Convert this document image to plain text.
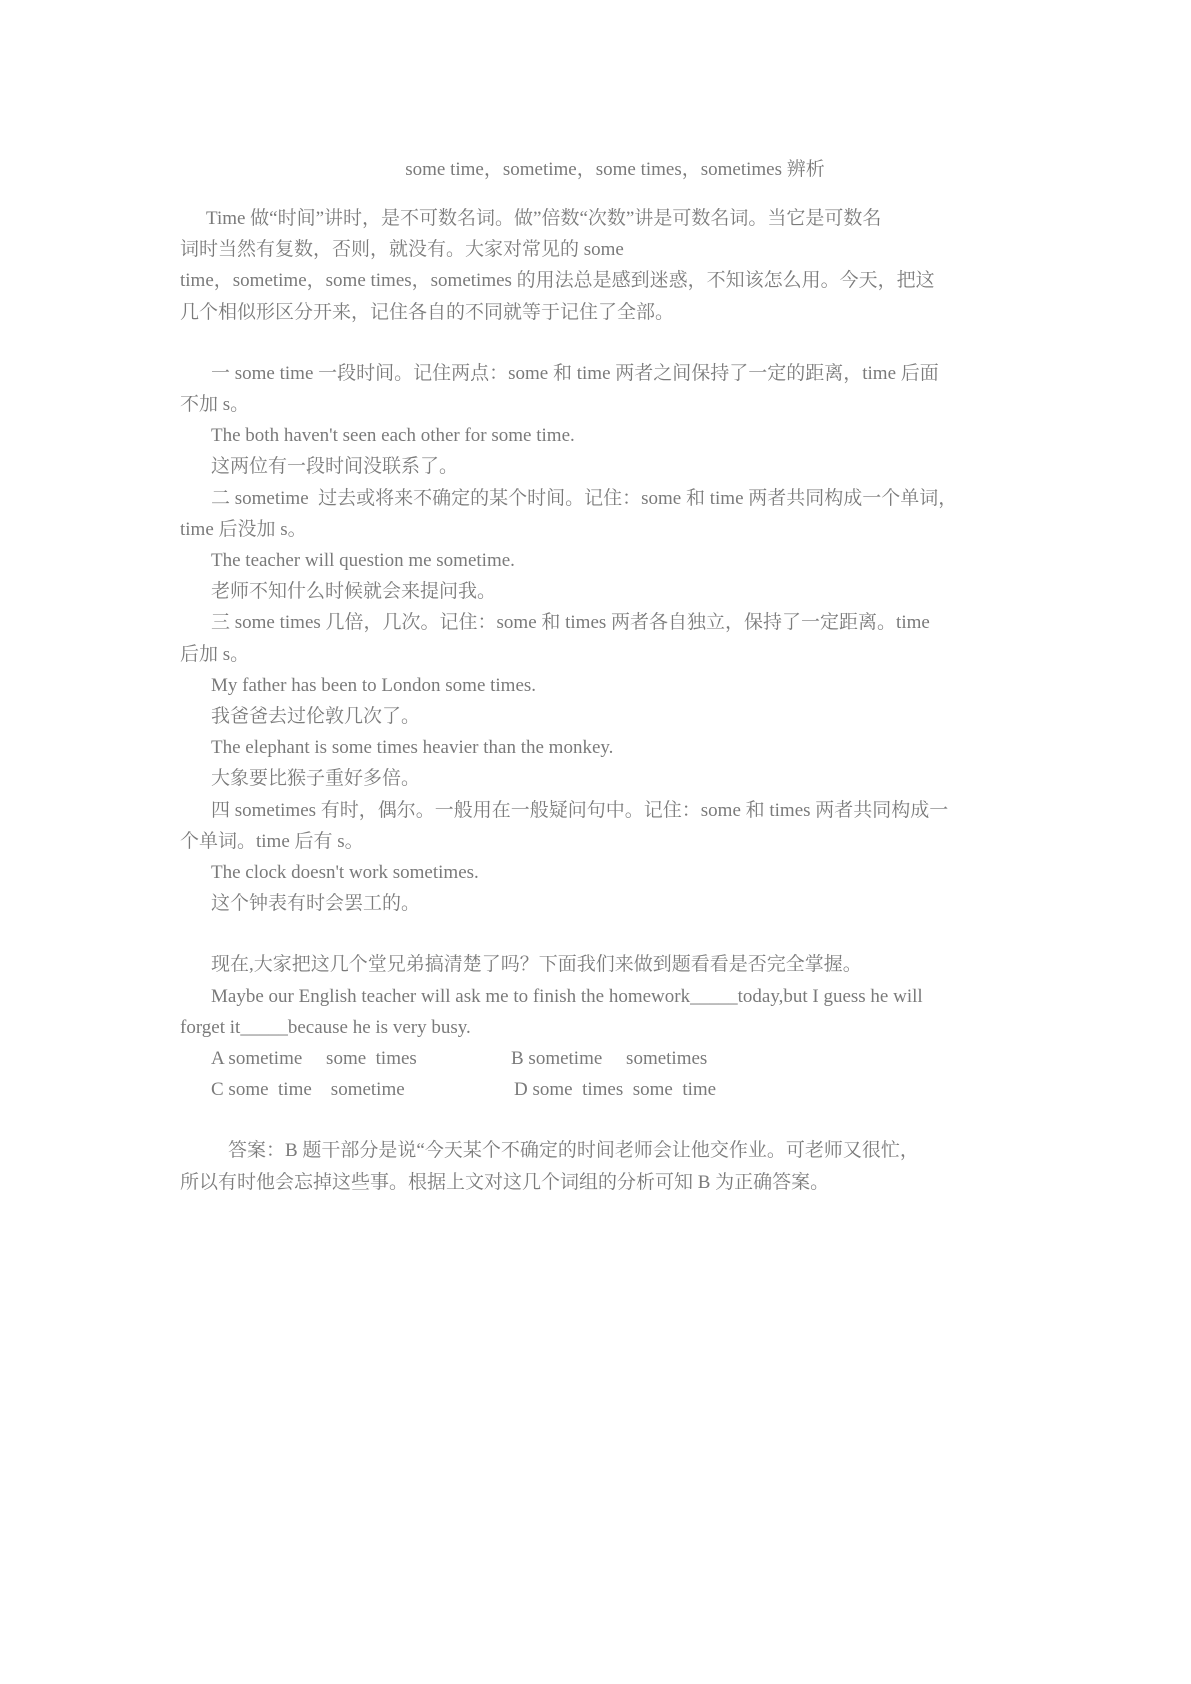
some time，sometime，some times，sometimes 辨析

Time 做“时间”讲时，是不可数名词。做”倍数“次数”讲是可数名词。当它是可数名

词时当然有复数，否则，就没有。大家对常见的 some

time，sometime，some times，sometimes 的用法总是感到迷惑，不知该怎么用。今天，把这

几个相似形区分开来，记住各自的不同就等于记住了全部。

一 some time 一段时间。记住两点：some 和 time 两者之间保持了一定的距离，time 后面

不加 s。

The both haven't seen each other for some time.

这两位有一段时间没联系了。

二 sometime  过去或将来不确定的某个时间。记住：some 和 time 两者共同构成一个单词，

time 后没加 s。

The teacher will question me sometime.

老师不知什么时候就会来提问我。

三 some times 几倍，几次。记住：some 和 times 两者各自独立，保持了一定距离。time

后加 s。

My father has been to London some times.

我爸爸去过伦敦几次了。

The elephant is some times heavier than the monkey.

大象要比猴子重好多倍。

四 sometimes 有时，偶尔。一般用在一般疑问句中。记住：some 和 times 两者共同构成一

个单词。time 后有 s。

The clock doesn't work sometimes.

这个钟表有时会罢工的。

现在,大家把这几个堂兄弟搞清楚了吗？下面我们来做到题看看是否完全掌握。

Maybe our English teacher will ask me to finish the homework_____today,but I guess he will

forget it_____because he is very busy.

A sometime     some  times	B sometime     sometimes
C some  time    sometime	D some  times  some  time

答案：B 题干部分是说“今天某个不确定的时间老师会让他交作业。可老师又很忙，

所以有时他会忘掉这些事。根据上文对这几个词组的分析可知 B 为正确答案。
